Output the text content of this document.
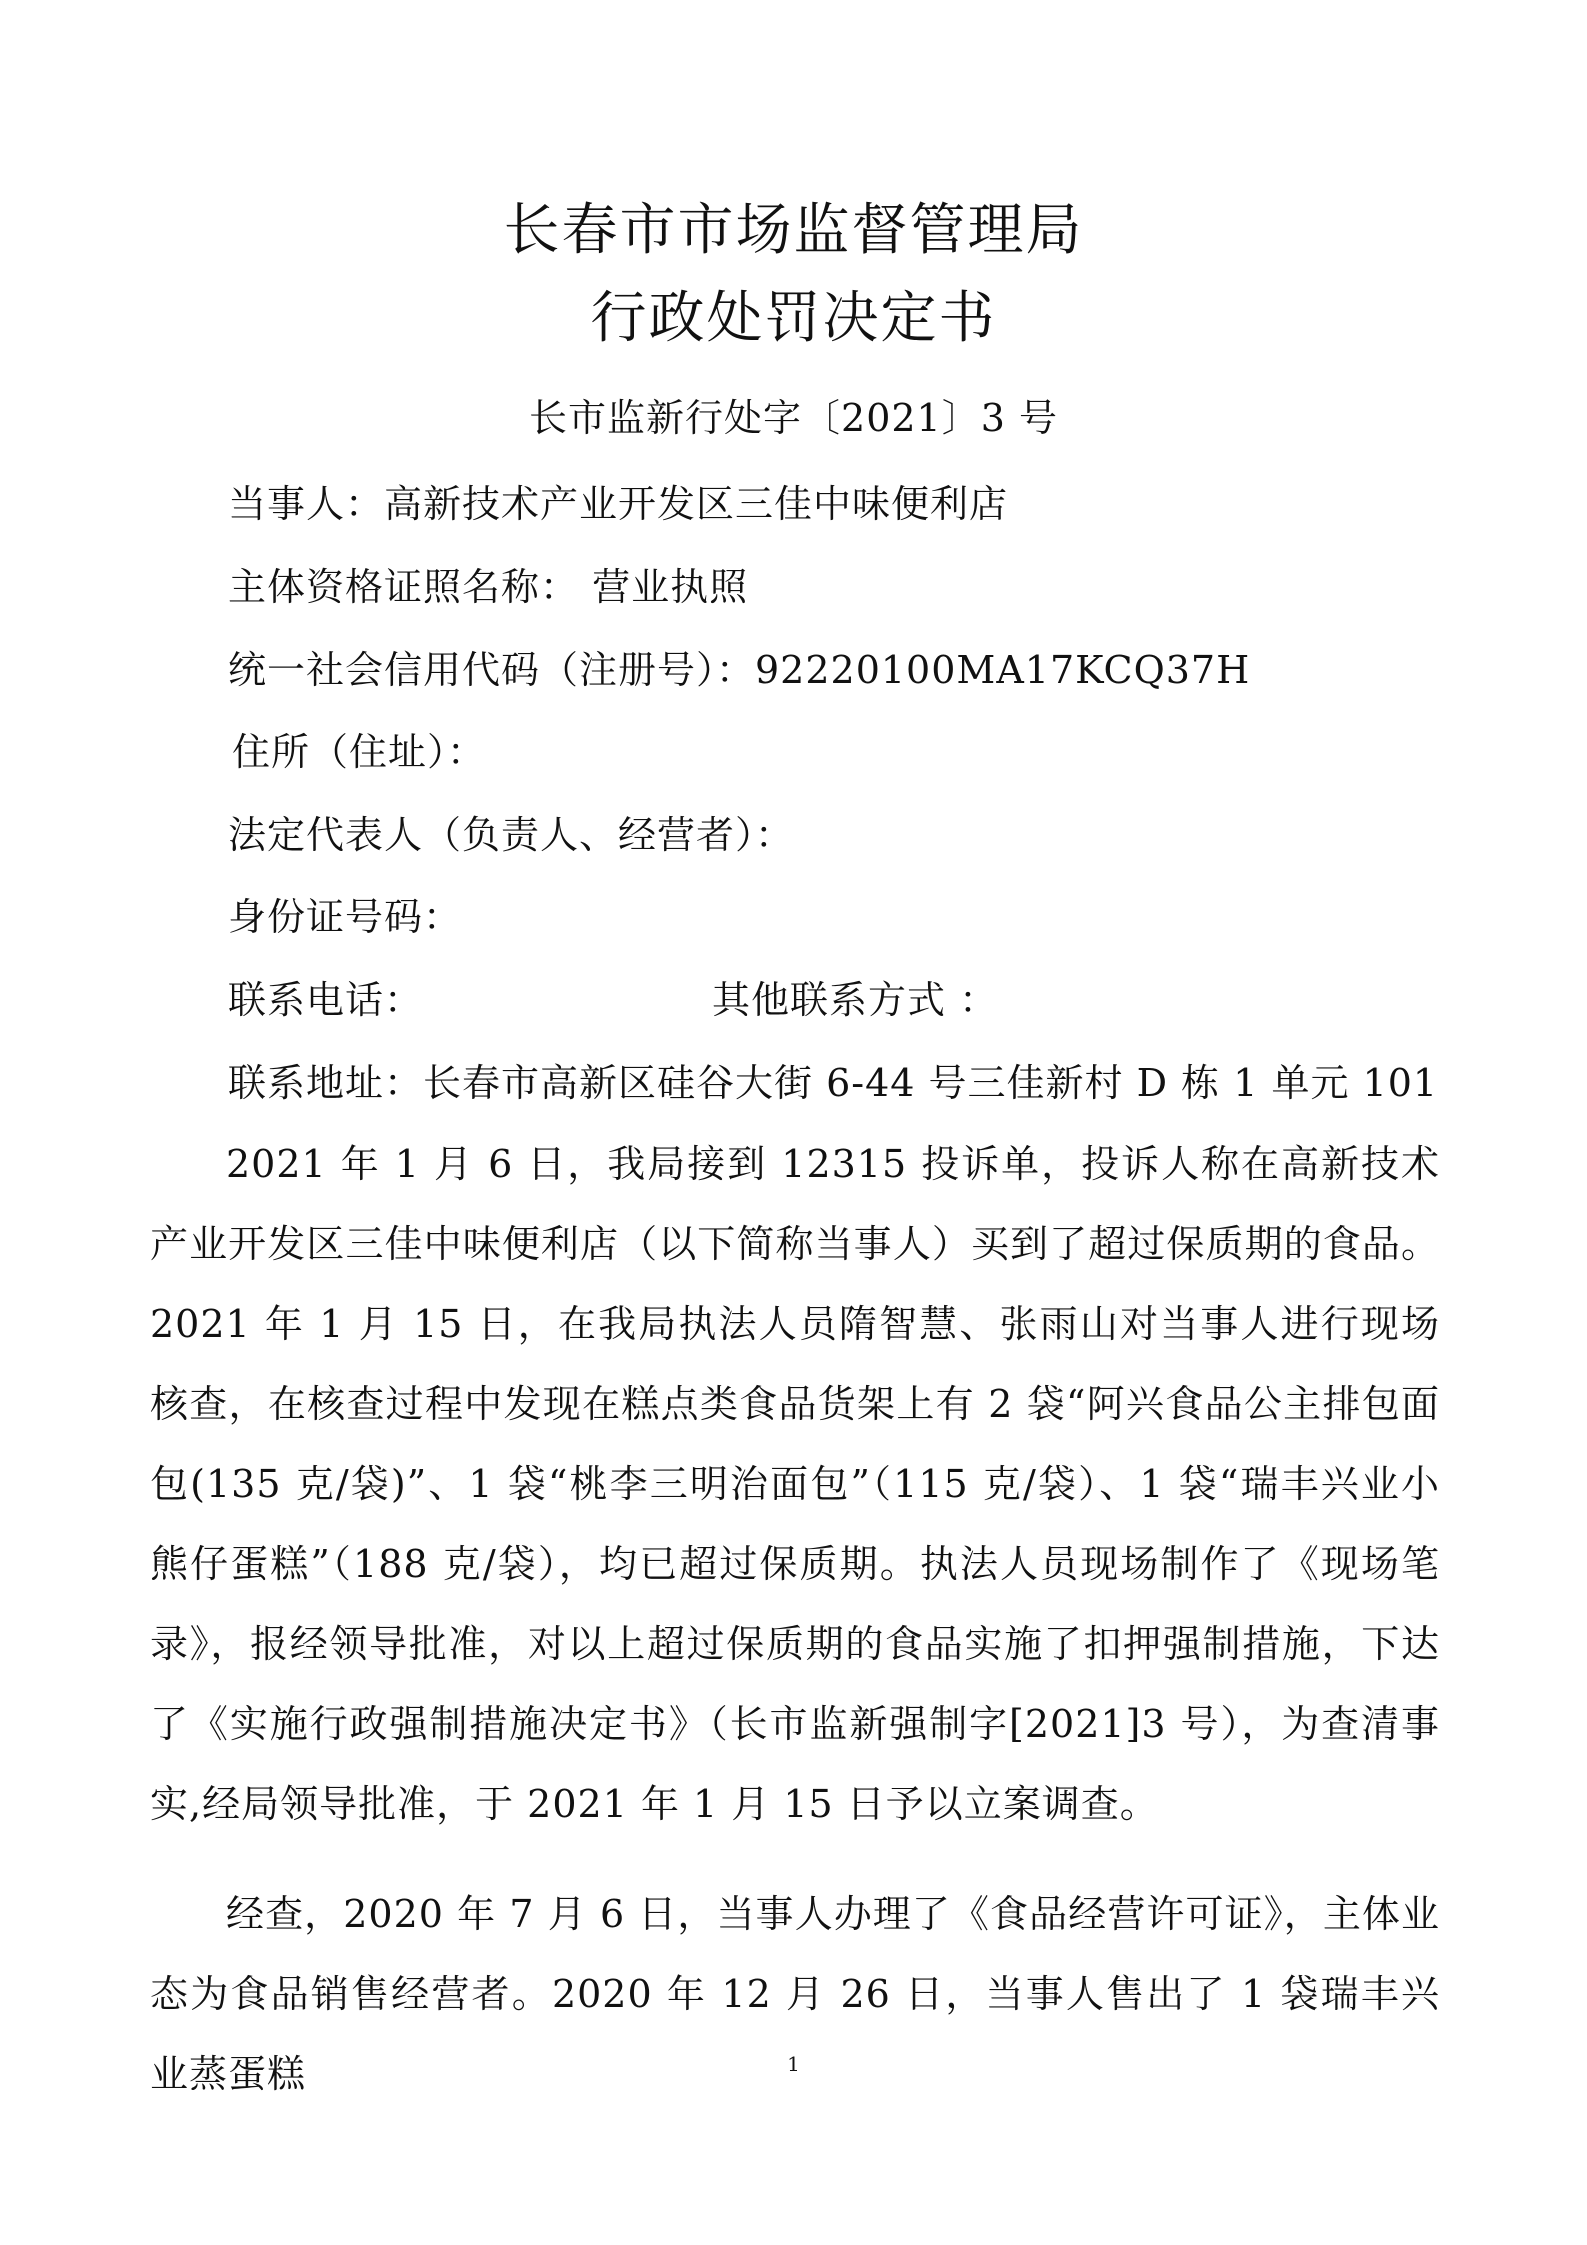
长春市市场监督管理局
行政处罚决定书
长市监新行处字〔2021〕3 号
当事人：高新技术产业开发区三佳中味便利店
主体资格证照名称： 营业执照
统一社会信用代码（注册号）：92220100MA17KCQ37H
住所（住址）：
法定代表人（负责人、经营者）：
身份证号码：
联系电话：	其他联系方式 ：
联系地址：长春市高新区硅谷大街 6-44 号三佳新村 D 栋 1 单元 101

2021 年 1 月 6 日，我局接到 12315 投诉单，投诉人称在高新技术产业开发区三佳中味便利店（以下简称当事人）买到了超过保质期的食品。2021 年 1 月 15 日，在我局执法人员隋智慧、张雨山对当事人进行现场核查，在核查过程中发现在糕点类食品货架上有 2 袋“阿兴食品公主排包面包(135 克/袋)”、1 袋“桃李三明治面包”（115 克/袋）、1 袋“瑞丰兴业小熊仔蛋糕”（188 克/袋），均已超过保质期。执法人员现场制作了《现场笔录》，报经领导批准，对以上超过保质期的食品实施了扣押强制措施，下达了《实施行政强制措施决定书》（长市监新强制字[2021]3 号），为查清事实,经局领导批准，于 2021 年 1 月 15 日予以立案调查。

经查，2020 年 7 月 6 日，当事人办理了《食品经营许可证》，主体业态为食品销售经营者。2020 年 12 月 26 日，当事人售出了 1 袋瑞丰兴业蒸蛋糕	1
